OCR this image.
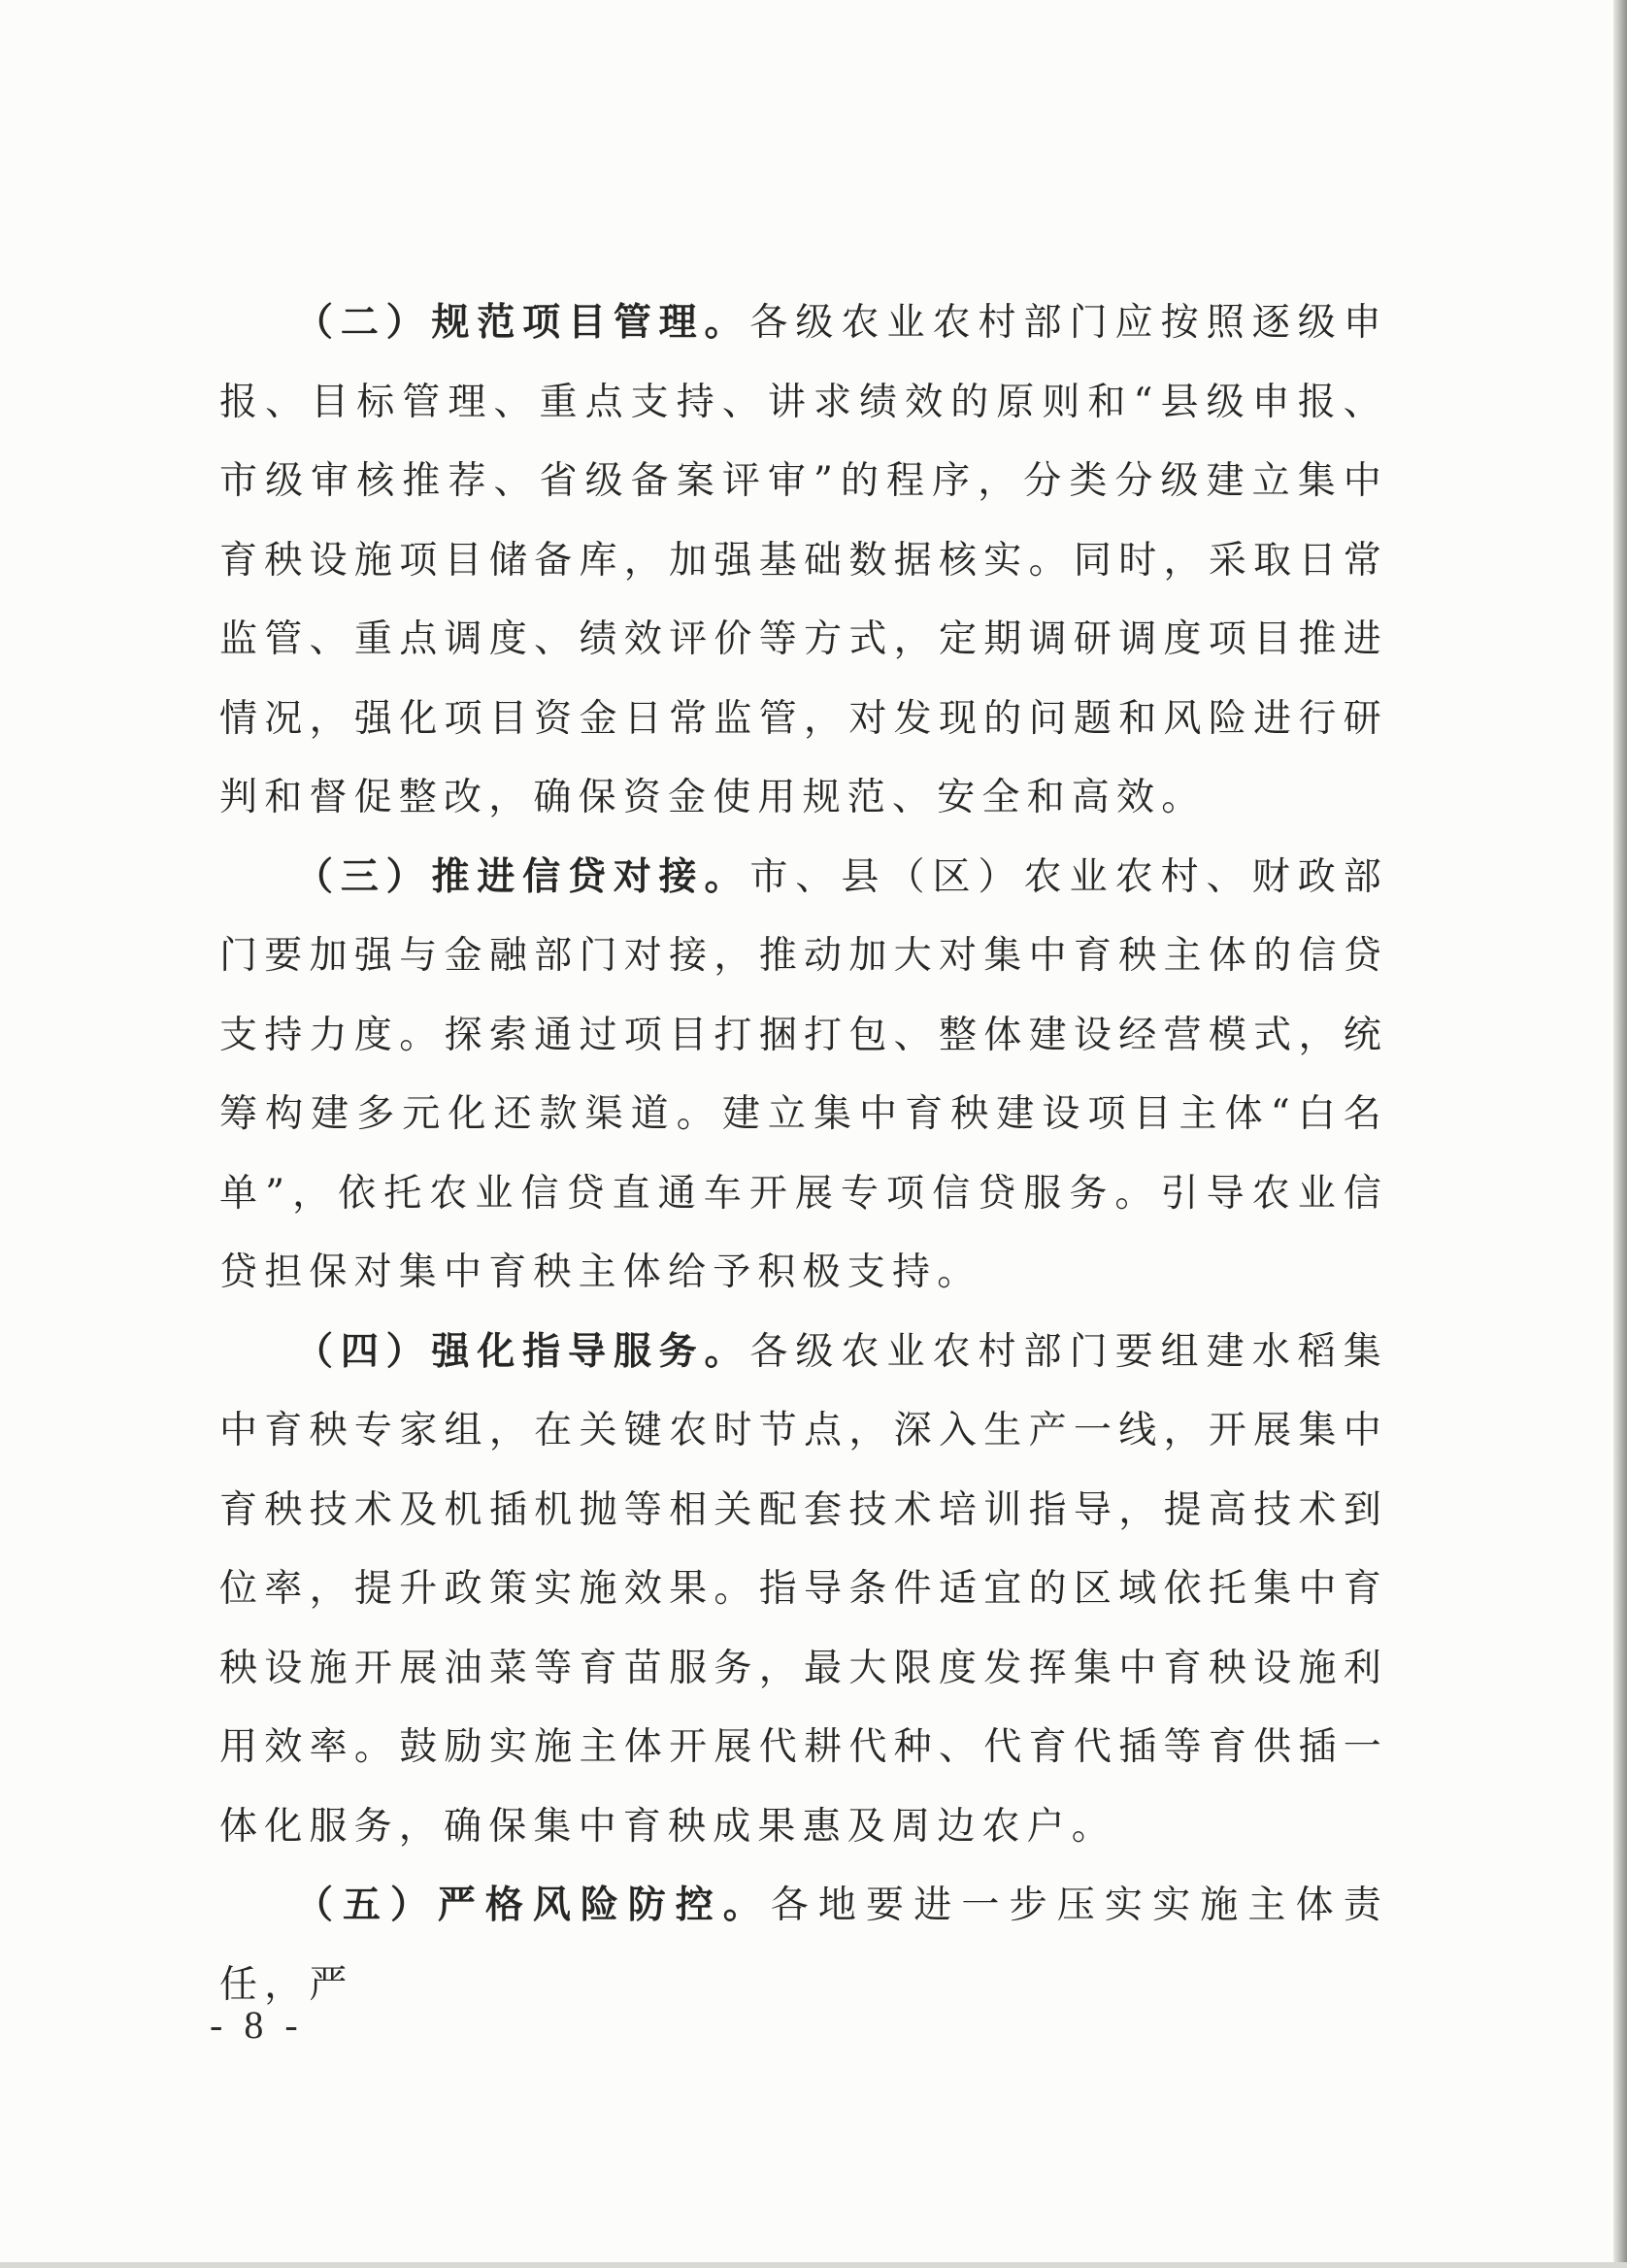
（二）规范项目管理。各级农业农村部门应按照逐级申报、目标管理、重点支持、讲求绩效的原则和“县级申报、市级审核推荐、省级备案评审”的程序，分类分级建立集中育秧设施项目储备库，加强基础数据核实。同时，采取日常监管、重点调度、绩效评价等方式，定期调研调度项目推进情况，强化项目资金日常监管，对发现的问题和风险进行研判和督促整改，确保资金使用规范、安全和高效。

（三）推进信贷对接。市、县（区）农业农村、财政部门要加强与金融部门对接，推动加大对集中育秧主体的信贷支持力度。探索通过项目打捆打包、整体建设经营模式，统筹构建多元化还款渠道。建立集中育秧建设项目主体“白名单”，依托农业信贷直通车开展专项信贷服务。引导农业信贷担保对集中育秧主体给予积极支持。

（四）强化指导服务。各级农业农村部门要组建水稻集中育秧专家组，在关键农时节点，深入生产一线，开展集中育秧技术及机插机抛等相关配套技术培训指导，提高技术到位率，提升政策实施效果。指导条件适宜的区域依托集中育秧设施开展油菜等育苗服务，最大限度发挥集中育秧设施利用效率。鼓励实施主体开展代耕代种、代育代插等育供插一体化服务，确保集中育秧成果惠及周边农户。

（五）严格风险防控。各地要进一步压实实施主体责任，严

- 8 -
